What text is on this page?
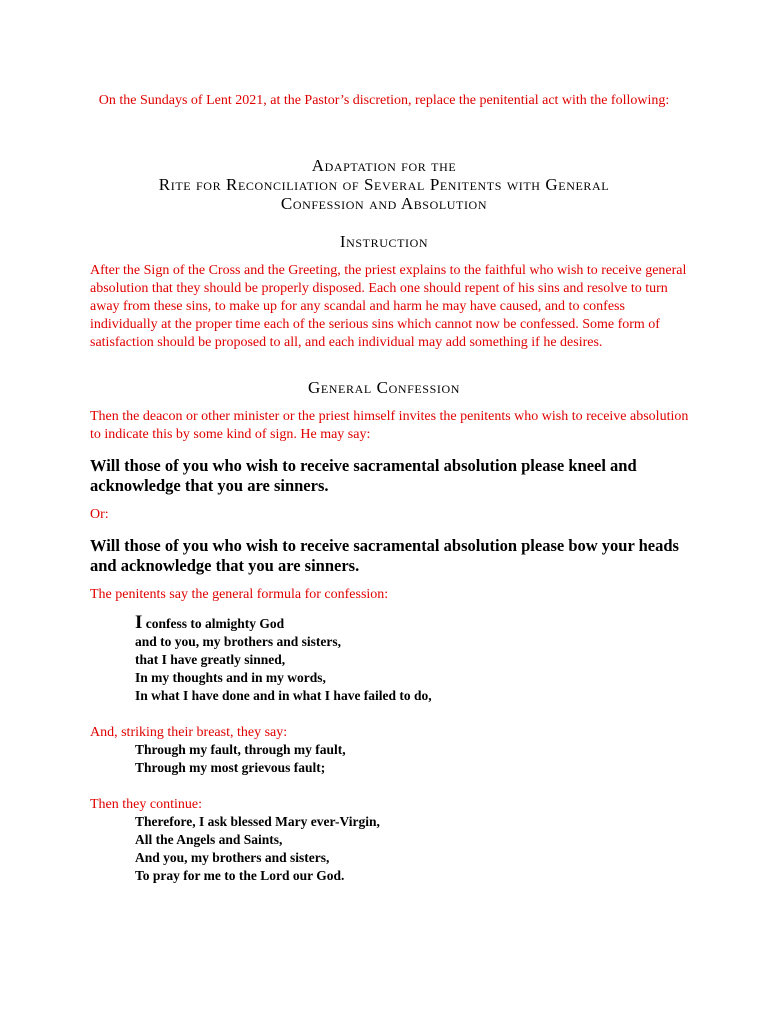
On the Sundays of Lent 2021, at the Pastor’s discretion, replace the penitential act with the following:
Adaptation for the
Rite for Reconciliation of Several Penitents with General
Confession and Absolution
Instruction
After the Sign of the Cross and the Greeting, the priest explains to the faithful who wish to receive general absolution that they should be properly disposed. Each one should repent of his sins and resolve to turn away from these sins, to make up for any scandal and harm he may have caused, and to confess individually at the proper time each of the serious sins which cannot now be confessed. Some form of satisfaction should be proposed to all, and each individual may add something if he desires.
General Confession
Then the deacon or other minister or the priest himself invites the penitents who wish to receive absolution to indicate this by some kind of sign. He may say:
Will those of you who wish to receive sacramental absolution please kneel and acknowledge that you are sinners.
Or:
Will those of you who wish to receive sacramental absolution please bow your heads and acknowledge that you are sinners.
The penitents say the general formula for confession:
I confess to almighty God
and to you, my brothers and sisters,
that I have greatly sinned,
In my thoughts and in my words,
In what I have done and in what I have failed to do,
And, striking their breast, they say:
Through my fault, through my fault,
Through my most grievous fault;
Then they continue:
Therefore, I ask blessed Mary ever-Virgin,
All the Angels and Saints,
And you, my brothers and sisters,
To pray for me to the Lord our God.
